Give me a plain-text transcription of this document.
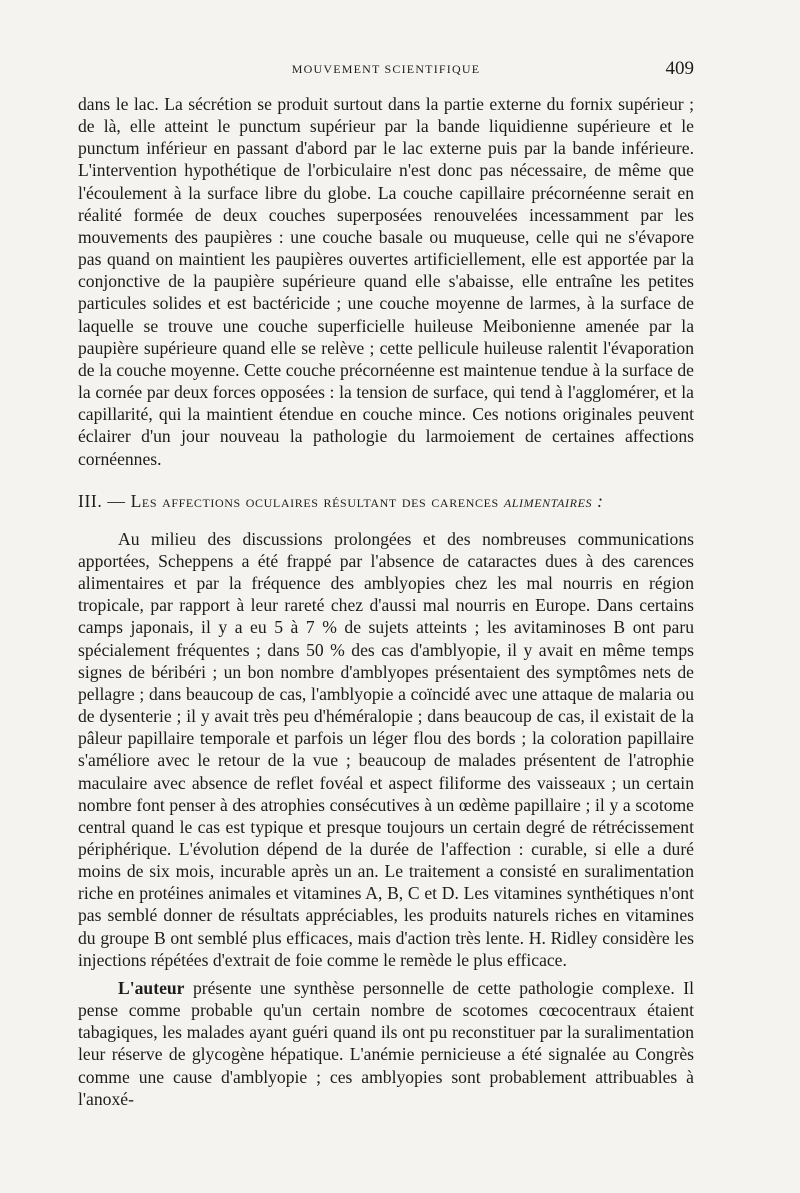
MOUVEMENT SCIENTIFIQUE	409

dans le lac. La sécrétion se produit surtout dans la partie externe du fornix supérieur ; de là, elle atteint le punctum supérieur par la bande liquidienne supérieure et le punctum inférieur en passant d'abord par le lac externe puis par la bande inférieure. L'intervention hypothétique de l'orbiculaire n'est donc pas nécessaire, de même que l'écoulement à la surface libre du globe. La couche capillaire précornéenne serait en réalité formée de deux couches superposées renouvelées incessamment par les mouvements des paupières : une couche basale ou muqueuse, celle qui ne s'évapore pas quand on maintient les paupières ouvertes artificiellement, elle est apportée par la conjonctive de la paupière supérieure quand elle s'abaisse, elle entraîne les petites particules solides et est bactéricide ; une couche moyenne de larmes, à la surface de laquelle se trouve une couche superficielle huileuse Meibonienne amenée par la paupière supérieure quand elle se relève ; cette pellicule huileuse ralentit l'évaporation de la couche moyenne. Cette couche précornéenne est maintenue tendue à la surface de la cornée par deux forces opposées : la tension de surface, qui tend à l'agglomérer, et la capillarité, qui la maintient étendue en couche mince. Ces notions originales peuvent éclairer d'un jour nouveau la pathologie du larmoiement de certaines affections cornéennes.

III. — Les affections oculaires résultant des carences alimentaires :

Au milieu des discussions prolongées et des nombreuses communications apportées, Scheppens a été frappé par l'absence de cataractes dues à des carences alimentaires et par la fréquence des amblyopies chez les mal nourris en région tropicale, par rapport à leur rareté chez d'aussi mal nourris en Europe. Dans certains camps japonais, il y a eu 5 à 7 % de sujets atteints ; les avitaminoses B ont paru spécialement fréquentes ; dans 50 % des cas d'amblyopie, il y avait en même temps signes de béribéri ; un bon nombre d'amblyopes présentaient des symptômes nets de pellagre ; dans beaucoup de cas, l'amblyopie a coïncidé avec une attaque de malaria ou de dysenterie ; il y avait très peu d'héméralopie ; dans beaucoup de cas, il existait de la pâleur papillaire temporale et parfois un léger flou des bords ; la coloration papillaire s'améliore avec le retour de la vue ; beaucoup de malades présentent de l'atrophie maculaire avec absence de reflet fovéal et aspect filiforme des vaisseaux ; un certain nombre font penser à des atrophies consécutives à un œdème papillaire ; il y a scotome central quand le cas est typique et presque toujours un certain degré de rétrécissement périphérique. L'évolution dépend de la durée de l'affection : curable, si elle a duré moins de six mois, incurable après un an. Le traitement a consisté en suralimentation riche en protéines animales et vitamines A, B, C et D. Les vitamines synthétiques n'ont pas semblé donner de résultats appréciables, les produits naturels riches en vitamines du groupe B ont semblé plus efficaces, mais d'action très lente. H. Ridley considère les injections répétées d'extrait de foie comme le remède le plus efficace.

L'auteur présente une synthèse personnelle de cette pathologie complexe. Il pense comme probable qu'un certain nombre de scotomes cœcocentraux étaient tabagiques, les malades ayant guéri quand ils ont pu reconstituer par la suralimentation leur réserve de glycogène hépatique. L'anémie pernicieuse a été signalée au Congrès comme une cause d'amblyopie ; ces amblyopies sont probablement attribuables à l'anoxé-
